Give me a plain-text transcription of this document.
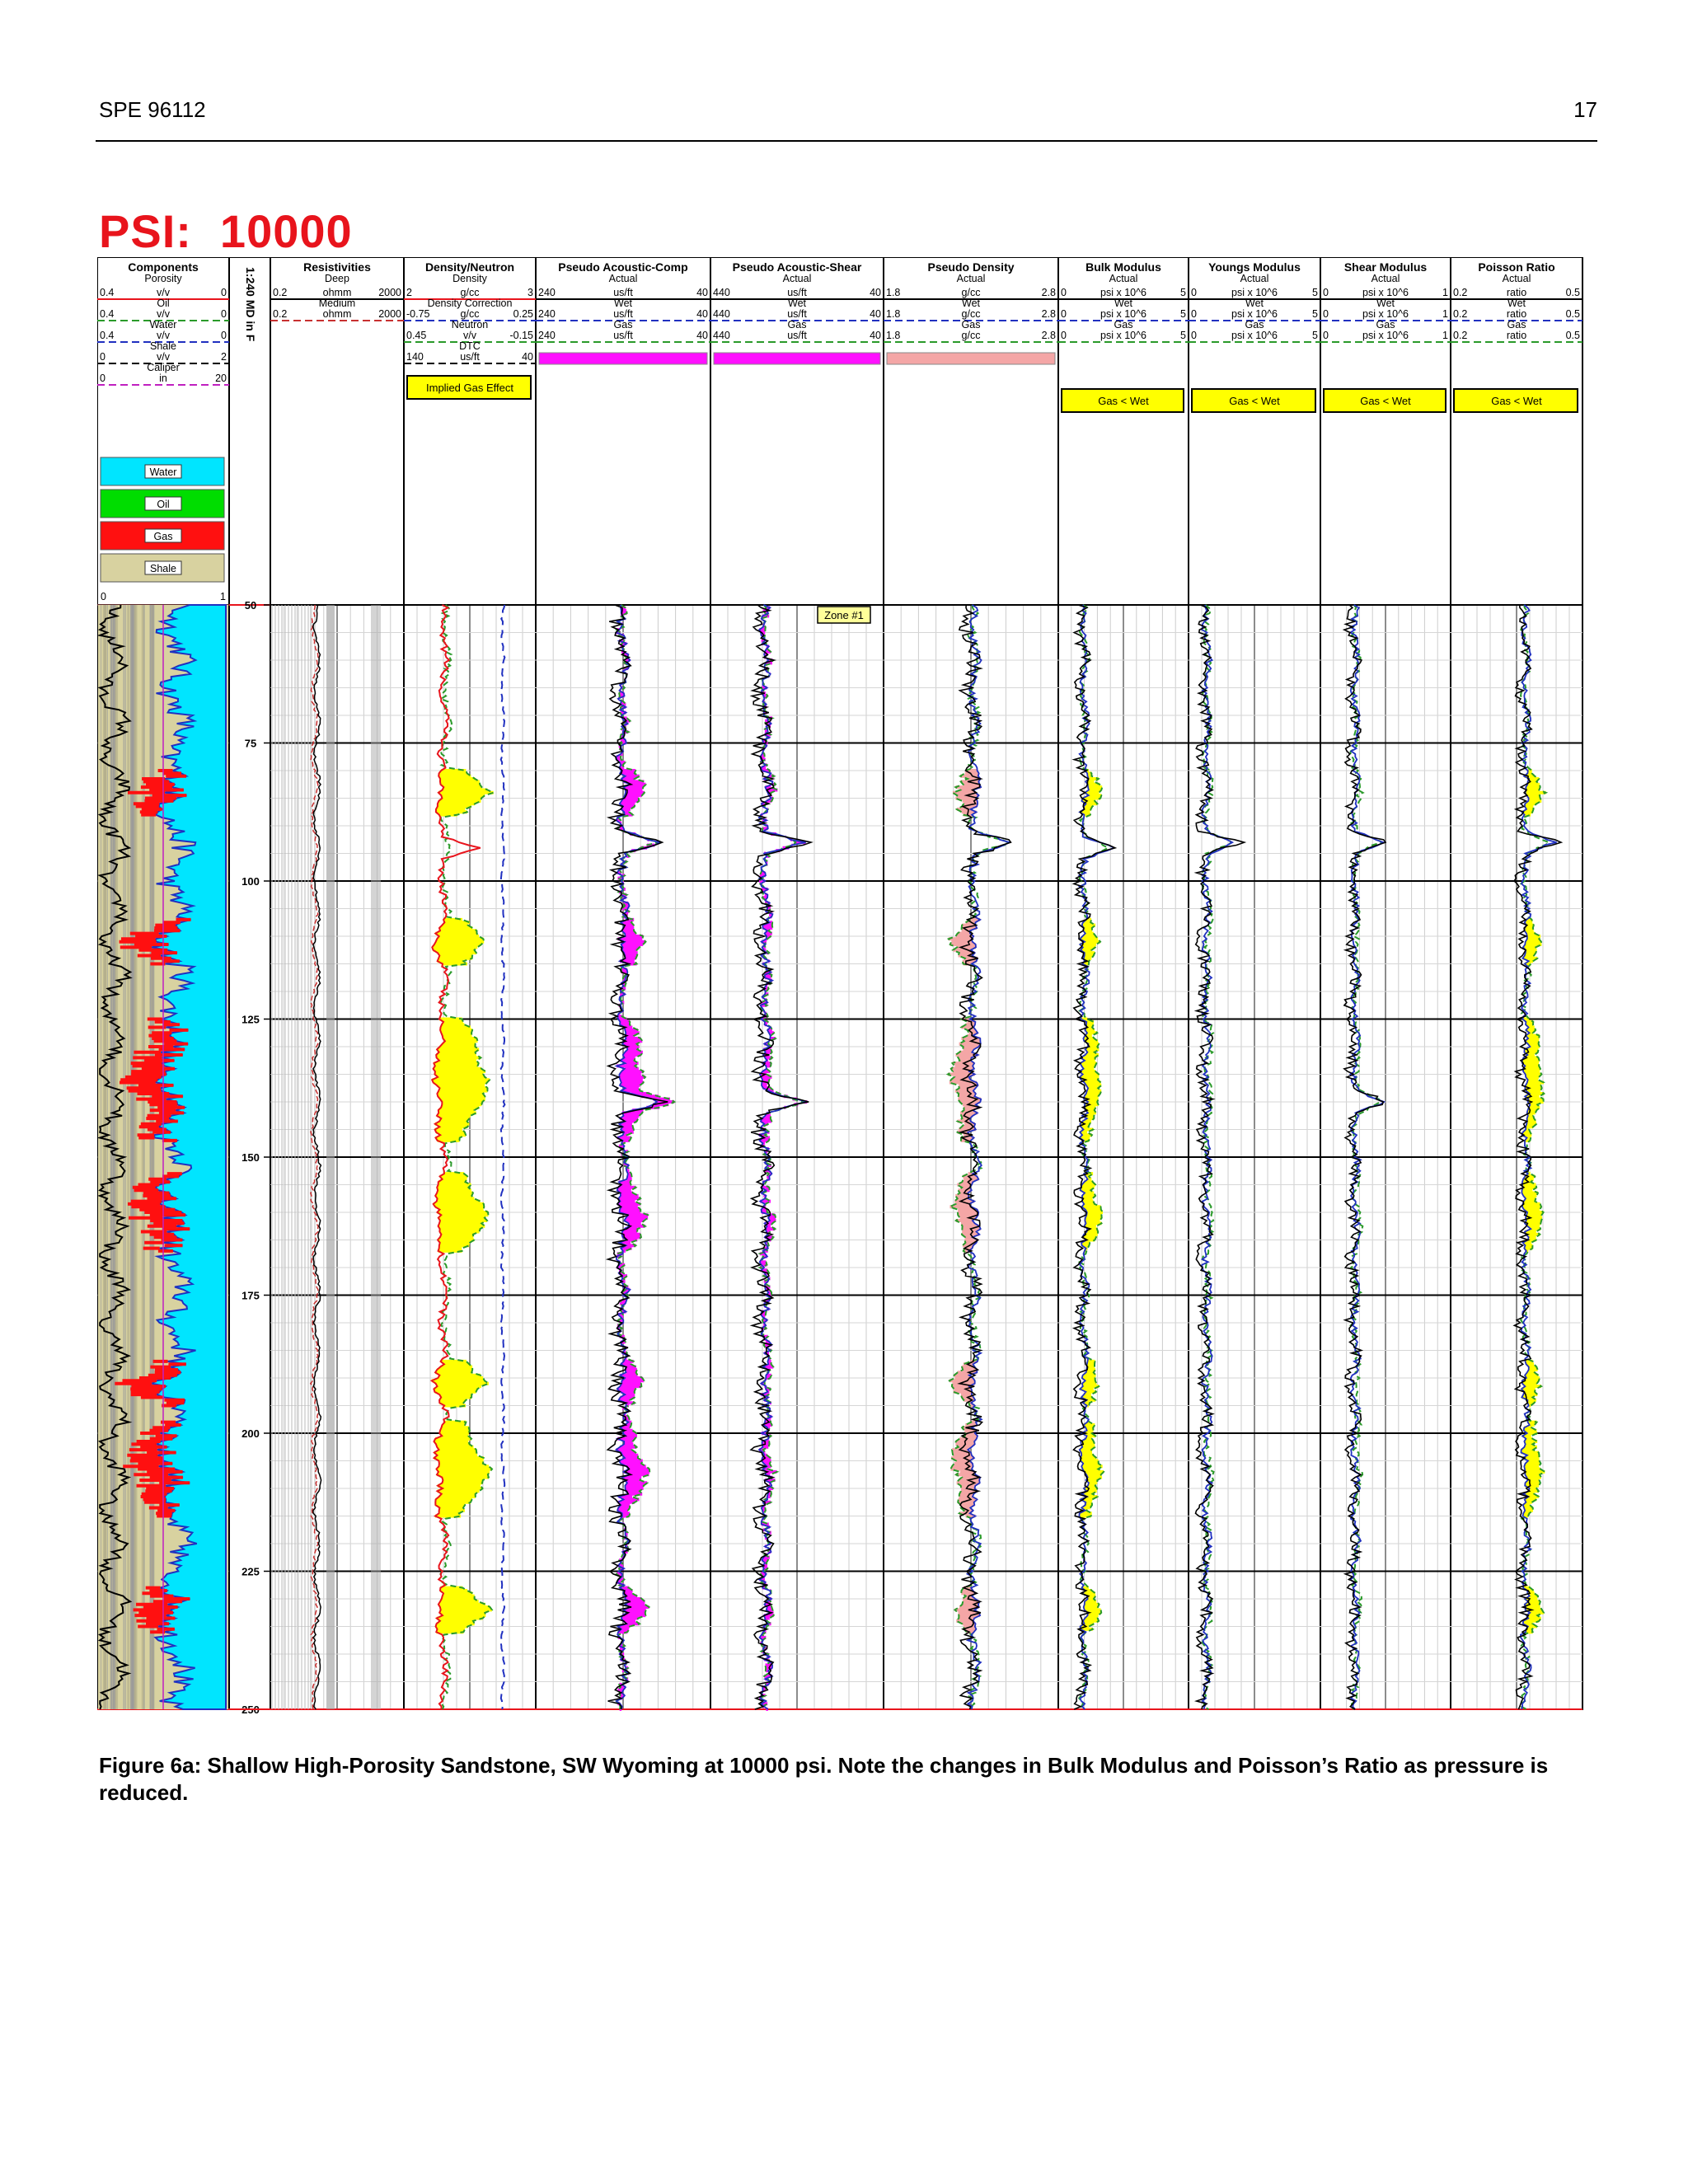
SPE 96112	17
PSI: 10000
Components
Porosity
0.4	v/v	0
Oil
0.4	v/v	0
Water
0.4	v/v	0
Shale
0	v/v	2
Caliper
0	in	20
Water
Oil
Gas
Shale
0	1
Resistivities
Deep
0.2	ohmm	2000
Medium
0.2	ohmm	2000
Density/Neutron
Density
2	g/cc	3
Density Correction
-0.75	g/cc	0.25
Neutron
0.45	v/v	-0.15
DTC
140	us/ft	40
Implied Gas Effect
Pseudo Acoustic-Comp
Actual
240	us/ft	40
Wet
240	us/ft	40
Gas
240	us/ft	40
Pseudo Acoustic-Shear
Actual
440	us/ft	40
Wet
440	us/ft	40
Gas
440	us/ft	40
Pseudo Density
Actual
1.8	g/cc	2.8
Wet
1.8	g/cc	2.8
Gas
1.8	g/cc	2.8
Bulk Modulus
Actual
0	psi x 10^6	5
Wet
0	psi x 10^6	5
Gas
0	psi x 10^6	5
Gas < Wet
Youngs Modulus
Actual
0	psi x 10^6	5
Wet
0	psi x 10^6	5
Gas
0	psi x 10^6	5
Gas < Wet
Shear Modulus
Actual
0	psi x 10^6	1
Wet
0	psi x 10^6	1
Gas
0	psi x 10^6	1
Gas < Wet
Poisson Ratio
Actual
0.2	ratio	0.5
Wet
0.2	ratio	0.5
Gas
0.2	ratio	0.5
Gas < Wet
1:240 MD in F
50
75
100
125
150
175
200
225
250
Zone #1
Figure 6a: Shallow High-Porosity Sandstone, SW Wyoming at 10000 psi. Note the changes in Bulk Modulus and Poisson’s Ratio as pressure is reduced.
